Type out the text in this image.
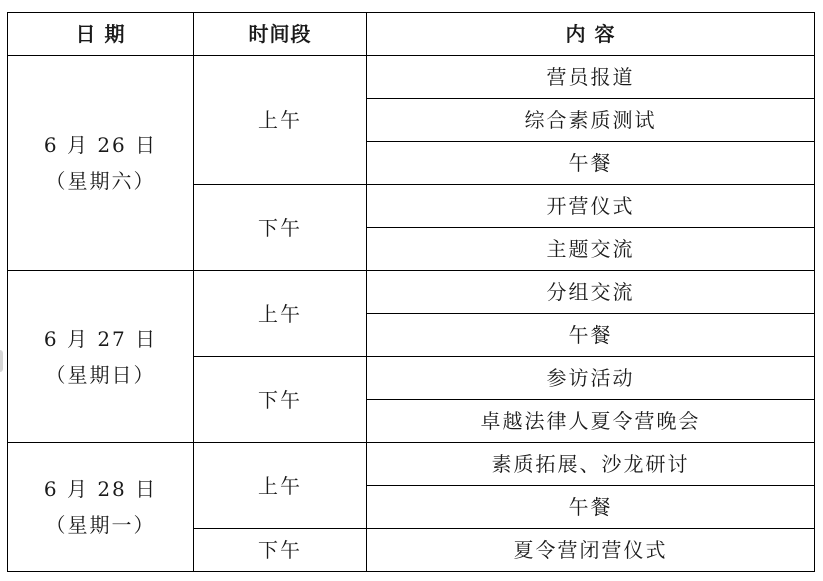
日 期	时间段	内 容

6 月 26 日
（星期六）	上午	营员报道
		综合素质测试
		午餐
	下午	开营仪式
		主题交流

6 月 27 日
（星期日）	上午	分组交流
		午餐
	下午	参访活动
		卓越法律人夏令营晚会

6 月 28 日
（星期一）	上午	素质拓展、沙龙研讨
		午餐
	下午	夏令营闭营仪式
